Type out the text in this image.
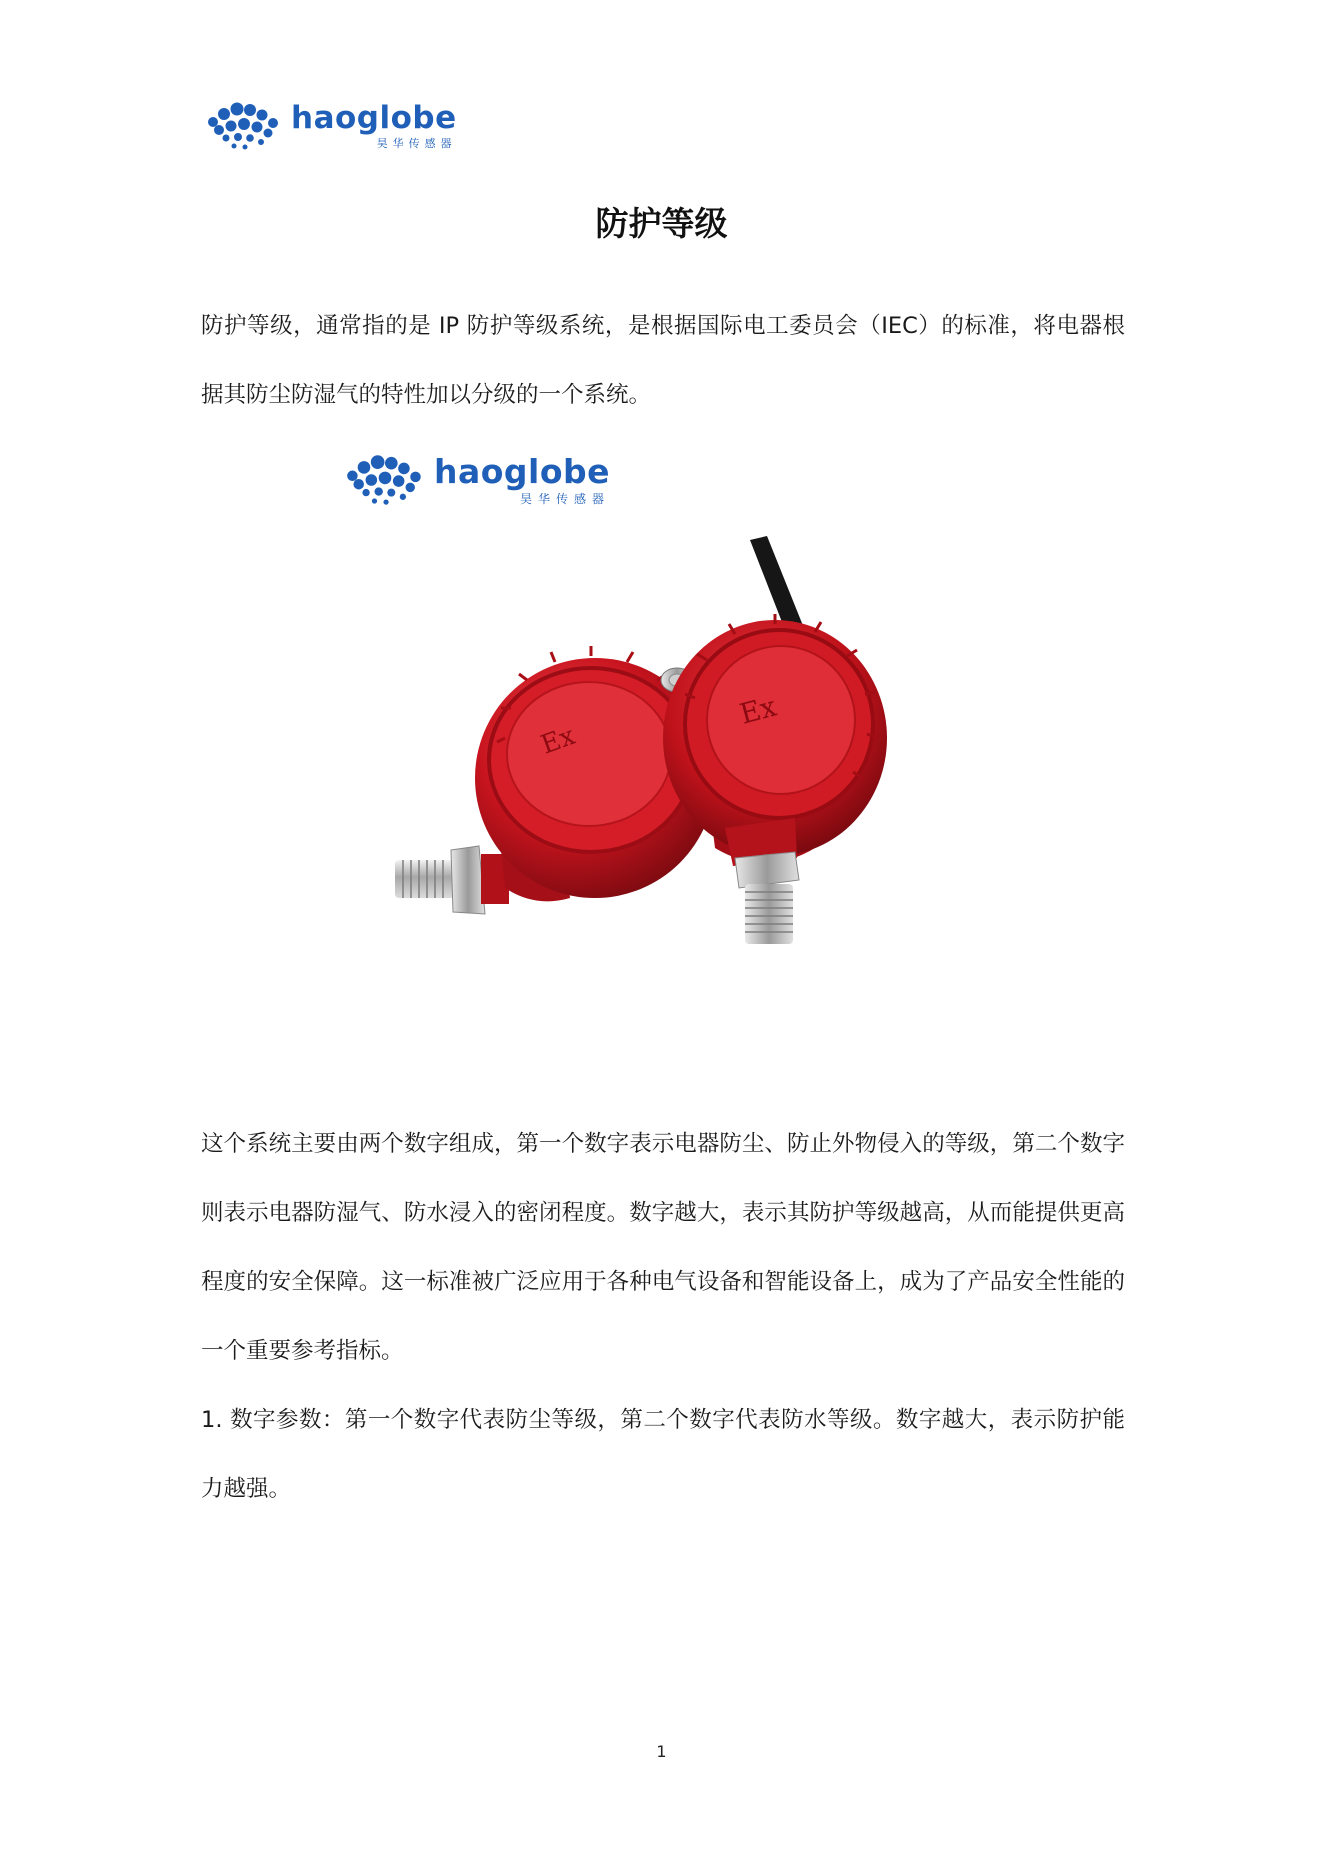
haoglobe
昊华传感器
防护等级

防护等级，通常指的是 IP 防护等级系统，是根据国际电工委员会（IEC）的标准，将电器根据其防尘防湿气的特性加以分级的一个系统。

haoglobe
昊华传感器
Ex
Ex

这个系统主要由两个数字组成，第一个数字表示电器防尘、防止外物侵入的等级，第二个数字则表示电器防湿气、防水浸入的密闭程度。数字越大，表示其防护等级越高，从而能提供更高程度的安全保障。这一标准被广泛应用于各种电气设备和智能设备上，成为了产品安全性能的一个重要参考指标。

1. 数字参数：第一个数字代表防尘等级，第二个数字代表防水等级。数字越大，表示防护能力越强。

1
